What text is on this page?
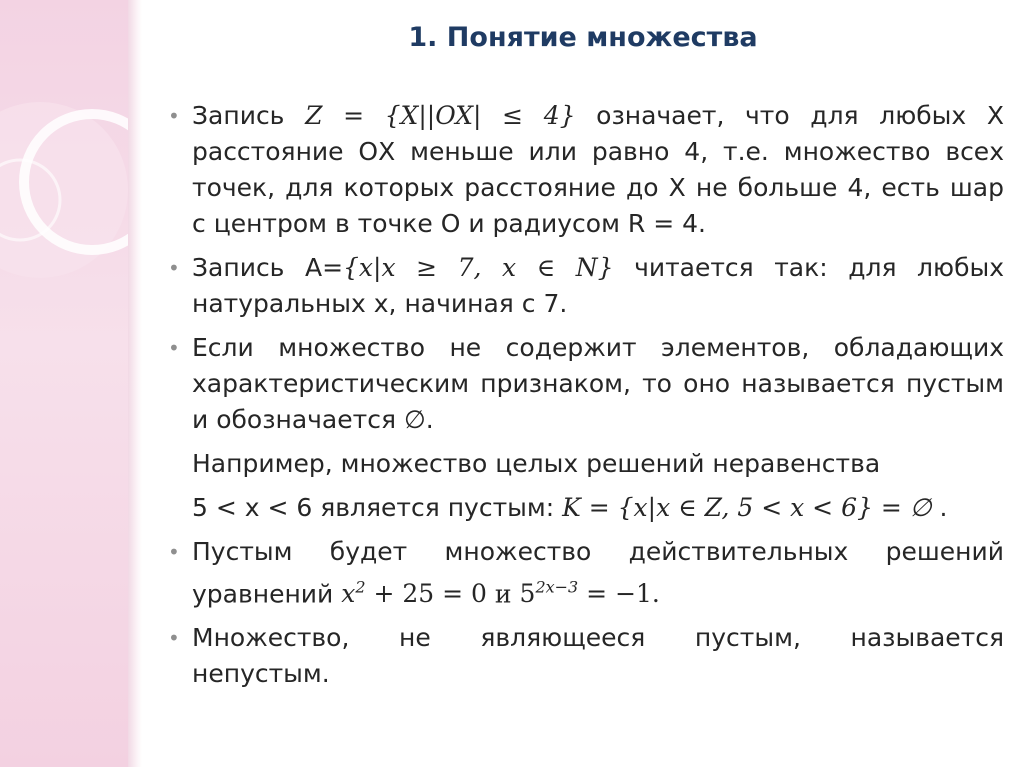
1. Понятие множества
• Запись Z = {X||OX| ≤ 4} означает, что для любых X
расстояние ОХ меньше или равно 4, т.е. множество всех точек, для которых расстояние до Х не больше 4, есть шар с центром в точке О и радиусом R = 4.
• Запись А={x|x ≥ 7, x ∈ N} читается так: для любых
натуральных x, начиная с 7.
• Если множество не содержит элементов, обладающих характеристическим признаком, то оно называется пустым и обозначается ∅.
Например, множество целых решений неравенства
5 < x < 6 является пустым: K = {x|x ∈ Z, 5 < x < 6} = ∅ .
• Пустым будет множество действительных решений
уравнений $x^2 + 25 = 0$ и $5^{2x-3} = -1$.
• Множество, не являющееся пустым, называется
непустым.
